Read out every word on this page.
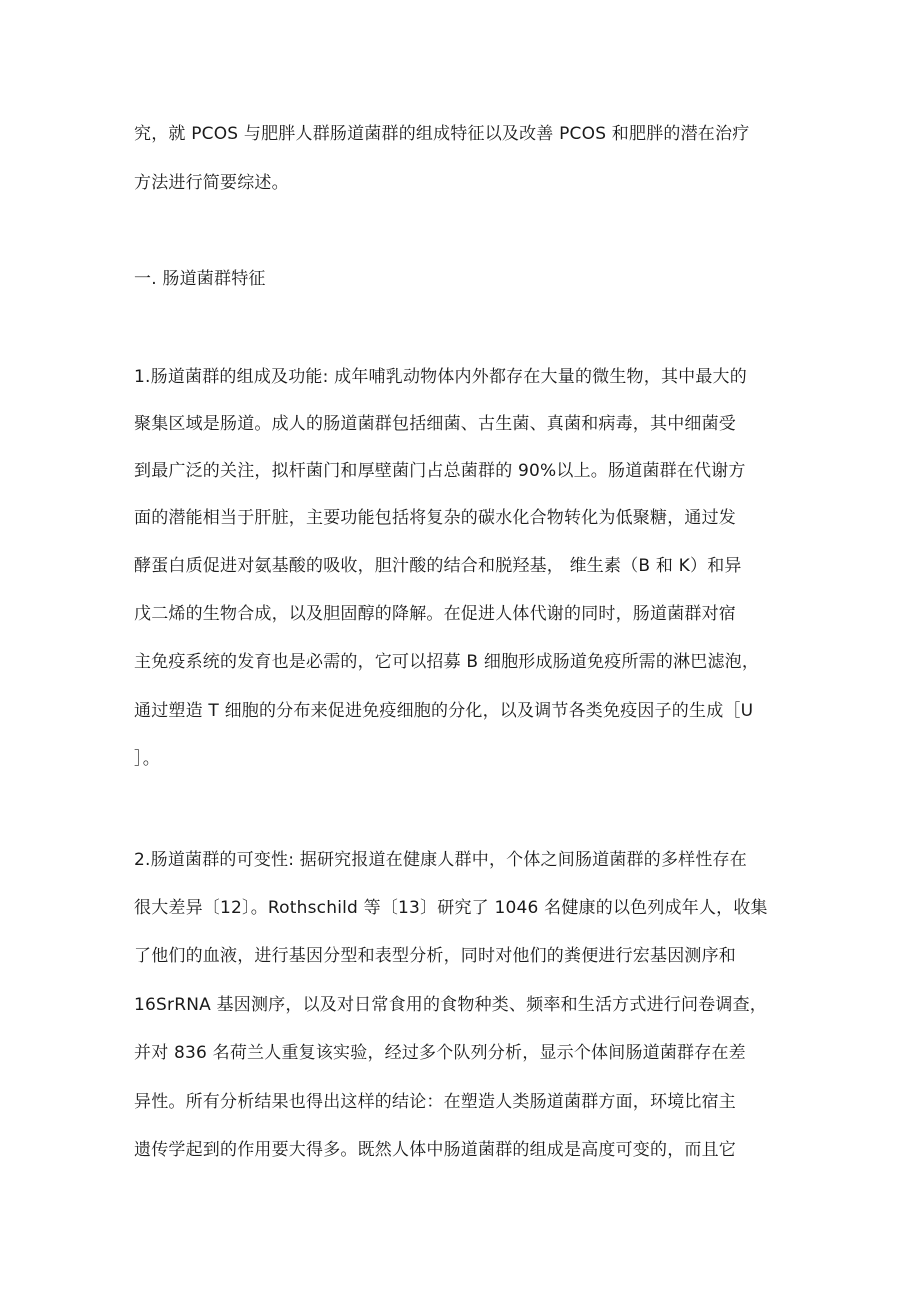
究，就 PCOS 与肥胖人群肠道菌群的组成特征以及改善 PCOS 和肥胖的潜在治疗
方法进行简要综述。
一. 肠道菌群特征
1.肠道菌群的组成及功能: 成年哺乳动物体内外都存在大量的微生物，其中最大的
聚集区域是肠道。成人的肠道菌群包括细菌、古生菌、真菌和病毒，其中细菌受
到最广泛的关注，拟杆菌门和厚壁菌门占总菌群的 90%以上。肠道菌群在代谢方
面的潜能相当于肝脏，主要功能包括将复杂的碳水化合物转化为低聚糖，通过发
酵蛋白质促进对氨基酸的吸收，胆汁酸的结合和脱羟基， 维生素（B 和 K）和异
戊二烯的生物合成，以及胆固醇的降解。在促进人体代谢的同时，肠道菌群对宿
主免疫系统的发育也是必需的，它可以招募 B 细胞形成肠道免疫所需的淋巴滤泡，
通过塑造 T 细胞的分布来促进免疫细胞的分化，以及调节各类免疫因子的生成［U
］。
2.肠道菌群的可变性: 据研究报道在健康人群中，个体之间肠道菌群的多样性存在
很大差异〔12〕。Rothschild 等〔13〕研究了 1046 名健康的以色列成年人，收集
了他们的血液，进行基因分型和表型分析，同时对他们的粪便进行宏基因测序和
16SrRNA 基因测序，以及对日常食用的食物种类、频率和生活方式进行问卷调查，
并对 836 名荷兰人重复该实验，经过多个队列分析，显示个体间肠道菌群存在差
异性。所有分析结果也得出这样的结论：在塑造人类肠道菌群方面，环境比宿主
遗传学起到的作用要大得多。既然人体中肠道菌群的组成是高度可变的，而且它
